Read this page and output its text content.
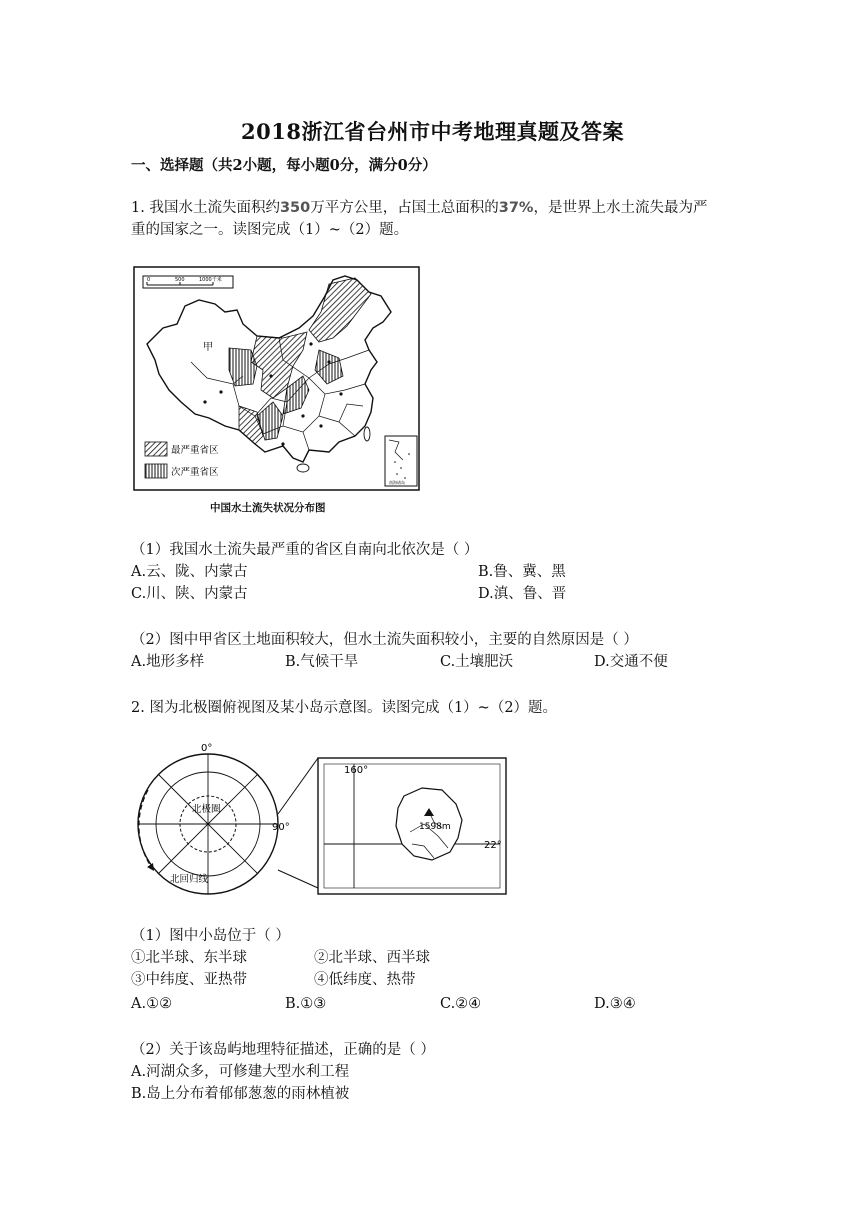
2018浙江省台州市中考地理真题及答案
一、选择题（共2小题，每小题0分，满分0分）
1. 我国水土流失面积约350万平方公里，占国土总面积的37%，是世界上水土流失最为严
重的国家之一。读图完成（1）~（2）题。
0	500	1000千米
甲
最严重省区
次严重省区
南海诸岛
中国水土流失状况分布图
（1）我国水土流失最严重的省区自南向北依次是（ ）
A.云、陇、内蒙古	B.鲁、冀、黑
C.川、陕、内蒙古	D.滇、鲁、晋
（2）图中甲省区土地面积较大，但水土流失面积较小，主要的自然原因是（ ）
A.地形多样	B.气候干旱	C.土壤肥沃	D.交通不便
2. 图为北极圈俯视图及某小岛示意图。读图完成（1）~（2）题。
0°
90°
北极圈
北回归线
160°
22°
1598m
（1）图中小岛位于（ ）
①北半球、东半球	②北半球、西半球
③中纬度、亚热带	④低纬度、热带
A.①②	B.①③	C.②④	D.③④
（2）关于该岛屿地理特征描述，正确的是（ ）
A.河湖众多，可修建大型水利工程
B.岛上分布着郁郁葱葱的雨林植被
